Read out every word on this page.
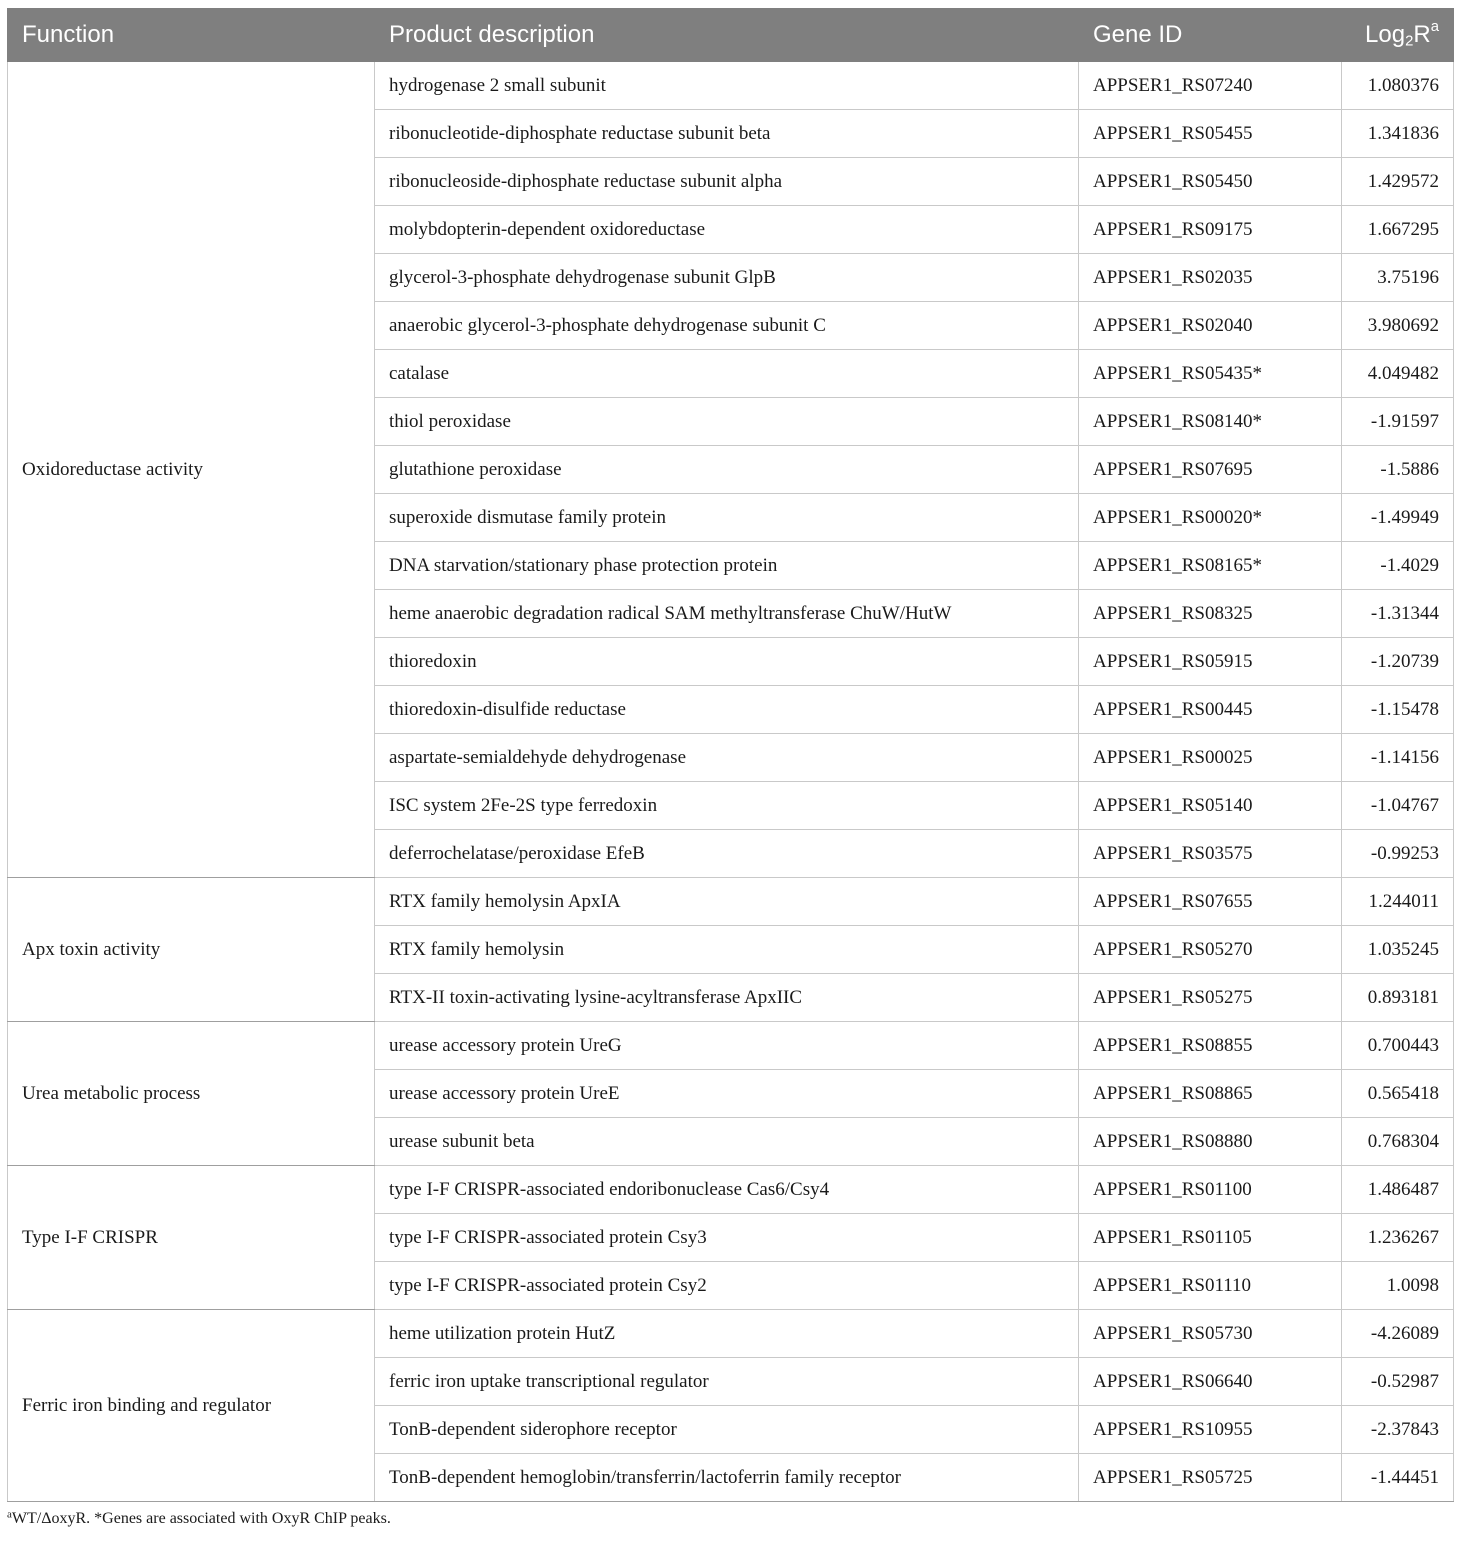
Function	Product description	Gene ID	$Log_2R^a$
Oxidoreductase activity	hydrogenase 2 small subunit	APPSER1_RS07240	1.080376
	ribonucleotide-diphosphate reductase subunit beta	APPSER1_RS05455	1.341836
	ribonucleoside-diphosphate reductase subunit alpha	APPSER1_RS05450	1.429572
	molybdopterin-dependent oxidoreductase	APPSER1_RS09175	1.667295
	glycerol-3-phosphate dehydrogenase subunit GlpB	APPSER1_RS02035	3.75196
	anaerobic glycerol-3-phosphate dehydrogenase subunit C	APPSER1_RS02040	3.980692
	catalase	APPSER1_RS05435*	4.049482
	thiol peroxidase	APPSER1_RS08140*	-1.91597
	glutathione peroxidase	APPSER1_RS07695	-1.5886
	superoxide dismutase family protein	APPSER1_RS00020*	-1.49949
	DNA starvation/stationary phase protection protein	APPSER1_RS08165*	-1.4029
	heme anaerobic degradation radical SAM methyltransferase ChuW/HutW	APPSER1_RS08325	-1.31344
	thioredoxin	APPSER1_RS05915	-1.20739
	thioredoxin-disulfide reductase	APPSER1_RS00445	-1.15478
	aspartate-semialdehyde dehydrogenase	APPSER1_RS00025	-1.14156
	ISC system 2Fe-2S type ferredoxin	APPSER1_RS05140	-1.04767
	deferrochelatase/peroxidase EfeB	APPSER1_RS03575	-0.99253
Apx toxin activity	RTX family hemolysin ApxIA	APPSER1_RS07655	1.244011
	RTX family hemolysin	APPSER1_RS05270	1.035245
	RTX-II toxin-activating lysine-acyltransferase ApxIIC	APPSER1_RS05275	0.893181
Urea metabolic process	urease accessory protein UreG	APPSER1_RS08855	0.700443
	urease accessory protein UreE	APPSER1_RS08865	0.565418
	urease subunit beta	APPSER1_RS08880	0.768304
Type I-F CRISPR	type I-F CRISPR-associated endoribonuclease Cas6/Csy4	APPSER1_RS01100	1.486487
	type I-F CRISPR-associated protein Csy3	APPSER1_RS01105	1.236267
	type I-F CRISPR-associated protein Csy2	APPSER1_RS01110	1.0098
Ferric iron binding and regulator	heme utilization protein HutZ	APPSER1_RS05730	-4.26089
	ferric iron uptake transcriptional regulator	APPSER1_RS06640	-0.52987
	TonB-dependent siderophore receptor	APPSER1_RS10955	-2.37843
	TonB-dependent hemoglobin/transferrin/lactoferrin family receptor	APPSER1_RS05725	-1.44451
$^a$WT/ΔoxyR. *Genes are associated with OxyR ChIP peaks.
